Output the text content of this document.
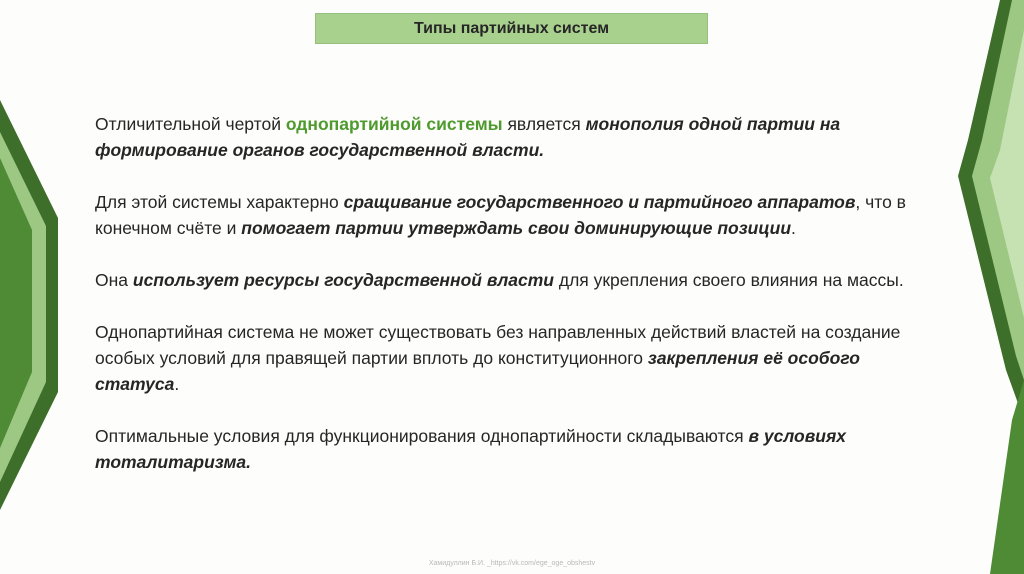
Типы партийных систем

Отличительной чертой однопартийной системы является монополия одной партии на формирование органов государственной власти.

Для этой системы характерно сращивание государственного и партийного аппаратов, что в конечном счёте и помогает партии утверждать свои доминирующие позиции.

Она использует ресурсы государственной власти для укрепления своего влияния на массы.

Однопартийная система не может существовать без направленных действий властей на создание особых условий для правящей партии вплоть до конституционного закрепления её особого статуса.

Оптимальные условия для функционирования однопартийности складываются в условиях тоталитаризма.

Хамидуллин Б.И. _https://vk.com/ege_oge_obshestv
